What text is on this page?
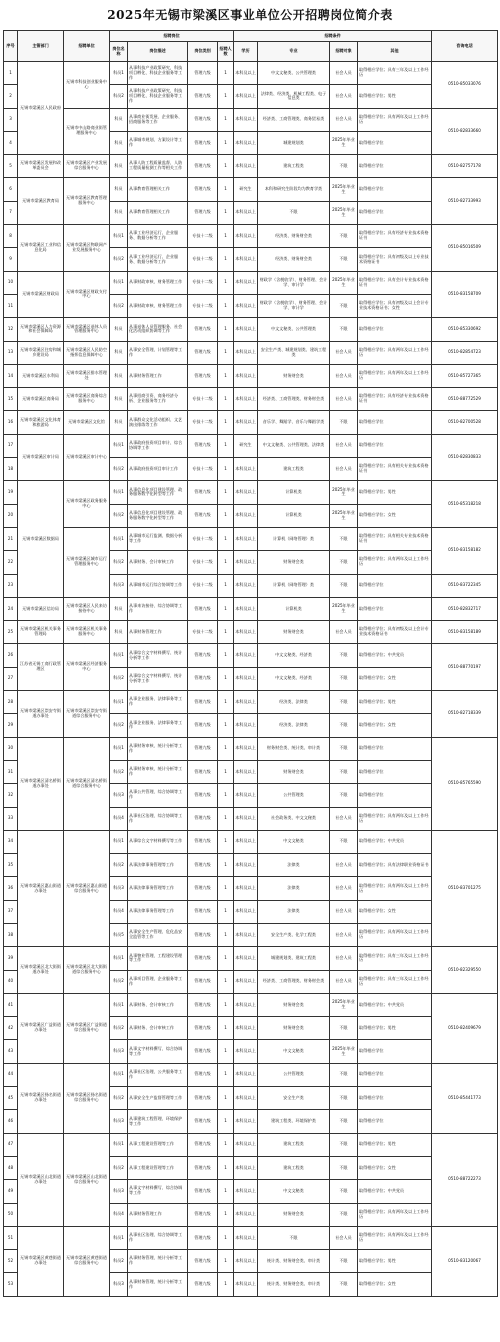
2025年无锡市梁溪区事业单位公开招聘岗位简介表
序号	主管部门	招聘单位	招聘岗位				招聘条件				咨询电话
			岗位名称	岗位描述	岗位类别	招聘人数	学历	专业	招聘对象	其他	
1	无锡市梁溪区人民政府	无锡市科技创业服务中心	科员1	从事科技产业政策研究，科技项目孵化、科技企业服务等工作	管理九级	1	本科及以上	中文文秘类、公共管理类	社会人员	取得相应学位；具有三年及以上工作经历	0510-85033076
2			科员2	从事科技产业政策研究，科技项目孵化、科技企业服务等工作	管理九级	1	本科及以上	法律类、经济类、机械工程类、电子信息类	社会人员	取得相应学位；男性	
3		无锡市中山路商业街管理服务中心	科员	从事商业街发展、企业服务、招商服务等工作	管理九级	1	本科及以上	经济类、工商管理类、商务贸易类	社会人员	取得相应学位；具有两年及以上工作经历	0510-82833660
4			科员	从事城市规划、方案设计等工作	管理九级	1	本科及以上	城建规划类	2025年毕业生	取得相应学位	
5	无锡市梁溪区发展和改革委员会	无锡市梁溪区产业发展综合服务中心	科员	从事人防工程质量监督、人防工程质量检测工作等相关工作	管理九级	1	本科及以上	建筑工程类	不限	取得相应学位	0510-82757178
6	无锡市梁溪区教育局	无锡市梁溪区教育管理服务中心	科员	从事教育管理相关工作	管理九级	1	研究生	本科和研究生阶段均为教育学类	2025年毕业生	取得相应学位	0510-82733993
7			科员	从事教育管理相关工作	管理九级	1	本科及以上	不限	2025年毕业生	取得相应学位	
8	无锡市梁溪区工业和信息化局	无锡市梁溪区物联网产业发展服务中心	科员1	从事工业经济运行、企业服务、数据分析等工作	专技十二级	1	本科及以上	经济类、财务财会类	不限	取得相应学位；具有经济专业技术资格证书	0510-85016509
9			科员2	从事工业经济运行、企业服务、数据分析等工作	专技十二级	1	本科及以上	经济类、财务财会类	不限	取得相应学位；具有初级及以上专业技术资格证书	
10	无锡市梁溪区财政局	无锡市梁溪区财政支付中心	科员1	从事财政审核、财务管理工作	专技十二级	1	本科及以上	财政学（含税收学）、财务管理、会计学、审计学	2025年毕业生	取得相应学位；具有会计专业技术资格证书	0510-83158709
11			科员2	从事财政审核、财务管理工作	专技十二级	1	本科及以上	财政学（含税收学）、财务管理、会计学、审计学	不限	取得相应学位；具有初级及以上会计专业技术资格证书；女性	
12	无锡市梁溪区人力资源和社会保障局	无锡市梁溪区退休人员管理服务中心	科员	从事退休人员管理服务、社会化活动组织协调等工作	管理九级	1	本科及以上	中文文秘类、公共管理类	不限	取得相应学位	0510-85330692
13	无锡市梁溪区住房和城乡建设局	无锡市梁溪区人民防空指挥信息保障中心	科员	从事安全管理、计划管理等工作	管理九级	1	本科及以上	安全生产类、城建规划类、建筑工程类	社会人员	取得相应学位；具有两年及以上工作经历	0510-82854723
14	无锡市梁溪区水利局	无锡市梁溪区排水管理处	科员	从事财务管理工作	管理九级	1	本科及以上	财务财会类	社会人员	取得相应学位；具有两年及以上工作经历	0510-85727365
15	无锡市梁溪区商务局	无锡市梁溪区商务综合服务中心	科员	从事招商引资、商务经济分析、企业服务等工作	专技十二级	1	本科及以上	经济类、工商管理类、财务财会类	社会人员	取得相应学位；具有经济专业技术资格证书	0510-88772529
16	无锡市梁溪区文化体育和旅游局	无锡市梁溪区文化馆	科员	从事群众文化活动组织、文艺演出排练等工作	专技十二级	1	本科及以上	音乐学、舞蹈学、音乐与舞蹈学类	不限	取得相应学位	0510-82700528
17	无锡市梁溪区审计局	无锡市梁溪区审计中心	科员1	从事政府投资项目审计、综合协调等工作	管理九级	1	研究生	中文文秘类、公共管理类、法律类	社会人员	取得相应学位	0510-82830833
18			科员2	从事政府投资项目审计工作	专技十二级	1	本科及以上	建筑工程类	社会人员	取得相应学位；具有相关专业技术资格证书	
19	无锡市梁溪区数据局	无锡市梁溪区政务服务中心	科员1	从事信息化项目建设管理、政务服务数字化转型等工作	管理九级	1	本科及以上	计算机类	2025年毕业生	取得相应学位；男性	0510-85318218
20			科员2	从事信息化项目建设管理、政务服务数字化转型等工作	管理九级	1	本科及以上	计算机类	2025年毕业生	取得相应学位；女性	
21		无锡市梁溪区城市运行管理服务中心	科员1	从事城市运行监测、数据分析等工作	专技十二级	1	本科及以上	计算机（网络管理）类	不限	取得相应学位；具有相关专业技术资格证书	0510-83158182
22			科员2	从事财务、会计审核工作	专技十二级	1	本科及以上	财务财会类	不限	取得相应学位；具有两年及以上工作经历	
23			科员3	从事城市运行综合协调等工作	专技十二级	1	本科及以上	计算机（网络管理）类	不限	取得相应学位	0510-83722345
24	无锡市梁溪区信访局	无锡市梁溪区人民来访接待中心	科员	从事来访接待、综合协调等工作	管理九级	1	本科及以上	计算机类	2025年毕业生	取得相应学位	0510-82832717
25	无锡市梁溪区机关事务管理局	无锡市梁溪区机关事务服务中心	科员	从事财务管理工作	专技十二级	1	本科及以上	财务财会类	社会人员	取得相应学位；具有初级及以上会计专业技术资格证书	0510-83158189
26	江苏省无锡工商行政管理区	无锡市梁溪区经济服务中心	科员1	从事综合文字材料撰写、统计分析等工作	管理九级	1	本科及以上	中文文秘类、经济类	不限	取得相应学位；中共党员	0510-88770197
27			科员2	从事综合文字材料撰写、统计分析等工作	管理九级	1	本科及以上	中文文秘类、经济类	不限	取得相应学位；女性	
28	无锡市梁溪区崇安寺街道办事处	无锡市梁溪区崇安寺街道综合服务中心	科员1	从事企业服务、法律事务等工作	管理九级	1	本科及以上	经济类、法律类	不限	取得相应学位；男性	0510-82718339
29			科员2	从事企业服务、法律事务等工作	管理九级	1	本科及以上	经济类、法律类	不限	取得相应学位；女性	
30	无锡市梁溪区清名桥街道办事处	无锡市梁溪区清名桥街道综合服务中心	科员1	从事财务审核、统计分析等工作	管理九级	1	本科及以上	财务财会类、统计类、审计类	不限	取得相应学位	0510-85765590
31			科员2	从事财务审核、统计分析等工作	管理九级	1	本科及以上	财务财会类	不限	取得相应学位	
32			科员3	从事公共管理、综合协调等工作	管理九级	1	本科及以上	公共管理类	不限	取得相应学位	
33			科员4	从事社区治理、综合协调等工作	管理九级	1	本科及以上	社会政务类、中文文秘类	社会人员	取得相应学位；具有两年及以上工作经历	
34	无锡市梁溪区惠山街道办事处	无锡市梁溪区惠山街道综合服务中心	科员1	从事综合文字材料撰写等工作	管理九级	1	本科及以上	中文文秘类	不限	取得相应学位；中共党员	0510-83701275
35			科员2	从事法律事务管理等工作	管理九级	1	本科及以上	法律类	社会人员	取得相应学位；具有法律职业资格证书	
36			科员3	从事法律事务管理等工作	管理九级	1	本科及以上	法律类	社会人员	取得相应学位；具有两年及以上工作经历	
37			科员4	从事法律事务管理等工作	管理九级	1	本科及以上	法律类	社会人员	取得相应学位；女性	
38			科员5	从事安全生产管理、危化品安全监管等工作	管理九级	1	本科及以上	安全生产类、化学工程类	社会人员	取得相应学位；具有两年及以上工作经历	
39	无锡市梁溪区北大街街道办事处	无锡市梁溪区北大街街道综合服务中心	科员1	从事物业管理、工程建设管理等工作	管理九级	1	本科及以上	城建规划类、建筑工程类	社会人员	取得相应学位；具有三年及以上工作经历	0510-82329550
40			科员2	从事项目管理、企业服务等工作	管理九级	1	本科及以上	经济类、工商管理类、财务财会类	社会人员	取得相应学位；具有三年及以上工作经历	
41	无锡市梁溪区广益街道办事处	无锡市梁溪区广益街道综合服务中心	科员1	从事财务、会计审核工作	管理九级	1	本科及以上	财务财会类	2025年毕业生	取得相应学位；中共党员	0510-82409679
42			科员2	从事财务、会计审核工作	管理九级	1	本科及以上	财务财会类	不限	取得相应学位；男性	
43			科员3	从事文字材料撰写、综合协调等工作	管理九级	1	本科及以上	中文文秘类	2025年毕业生	取得相应学位	
44	无锡市梁溪区扬名街道办事处	无锡市梁溪区扬名街道综合服务中心	科员1	从事社区治理、公共服务等工作	管理九级	1	本科及以上	公共管理类	不限	取得相应学位	0510-85441773
45			科员2	从事安全生产监督管理等工作	管理九级	1	本科及以上	安全生产类	不限	取得相应学位	
46			科员3	从事建筑工程管理、环境保护等工作	管理九级	1	本科及以上	建筑工程类、环境保护类	不限	取得相应学位	
47	无锡市梁溪区山北街道办事处	无锡市梁溪区山北街道综合服务中心	科员1	从事工程建设管理等工作	管理九级	1	本科及以上	建筑工程类	不限	取得相应学位；男性	0510-88722273
48			科员2	从事工程建设管理等工作	管理九级	1	本科及以上	建筑工程类	不限	取得相应学位；女性	
49			科员3	从事文字材料撰写、综合协调等工作	管理九级	1	本科及以上	中文文秘类	不限	取得相应学位；中共党员	
50			科员4	从事财务管理工作	管理九级	1	本科及以上	财务财会类	不限	取得相应学位；具有两年及以上工作经历	
51	无锡市梁溪区黄巷街道办事处	无锡市梁溪区黄巷街道综合服务中心	科员1	从事社区治理、综合协调等工作	管理九级	1	本科及以上	不限	社会人员	取得相应学位；具有两年及以上工作经历	0510-83120067
52			科员2	从事财务管理、统计分析等工作	管理九级	1	本科及以上	统计类、财务财会类、审计类	不限	取得相应学位；男性	
53			科员3	从事财务管理、统计分析等工作	管理九级	1	本科及以上	统计类、财务财会类、审计类	不限	取得相应学位；女性	
